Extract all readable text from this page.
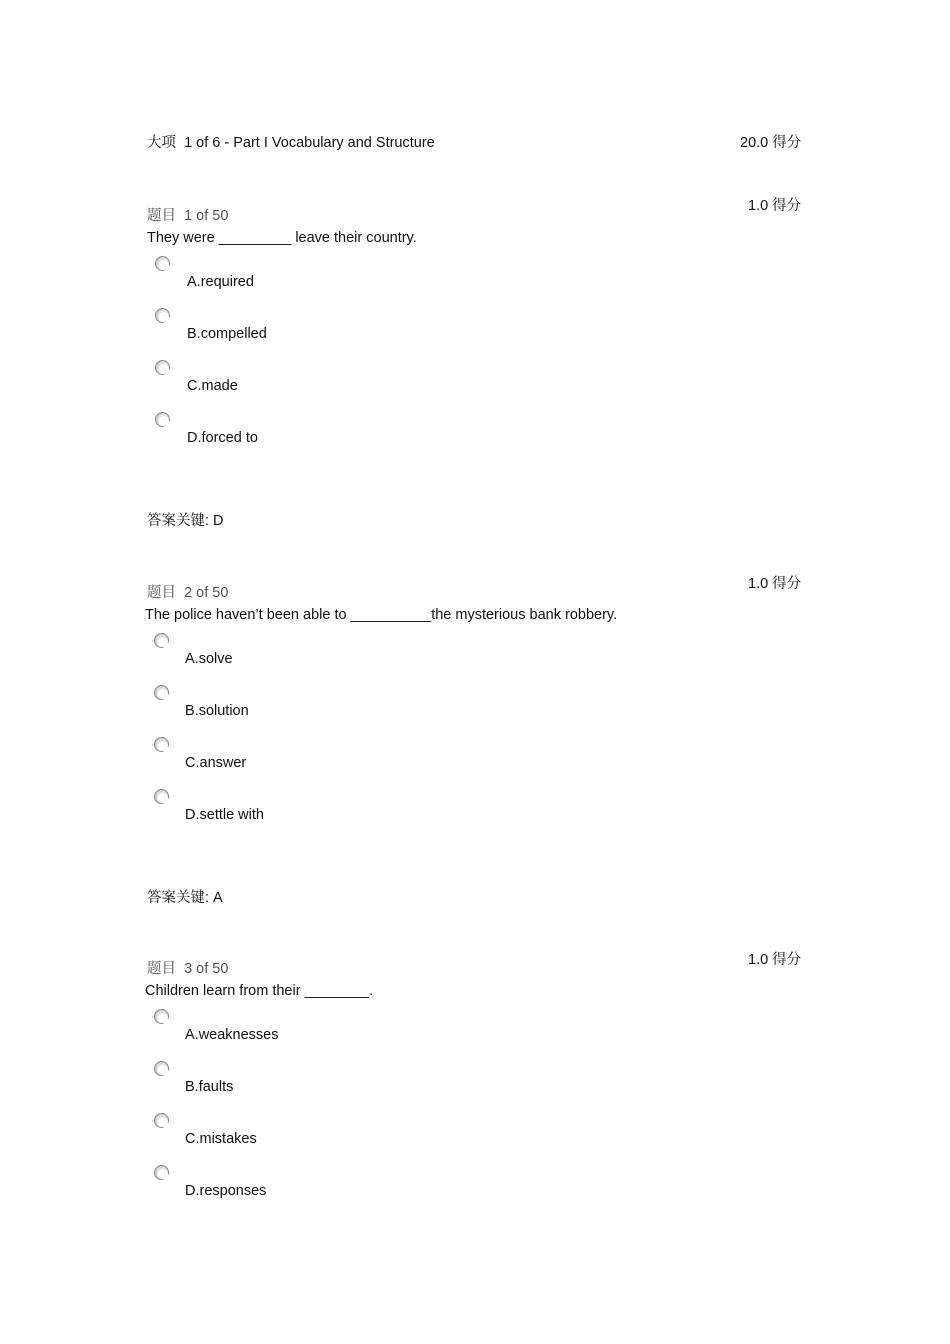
大项 1 of 6 - Part I Vocabulary and Structure	20.0 得分
1.0 得分
题目 1 of 50
They were _________ leave their country.
A.required
B.compelled
C.made
D.forced to
答案关键: D
1.0 得分
题目 2 of 50
The police haven’t been able to __________the mysterious bank robbery.
A.solve
B.solution
C.answer
D.settle with
答案关键: A
1.0 得分
题目 3 of 50
Children learn from their ________.
A.weaknesses
B.faults
C.mistakes
D.responses
